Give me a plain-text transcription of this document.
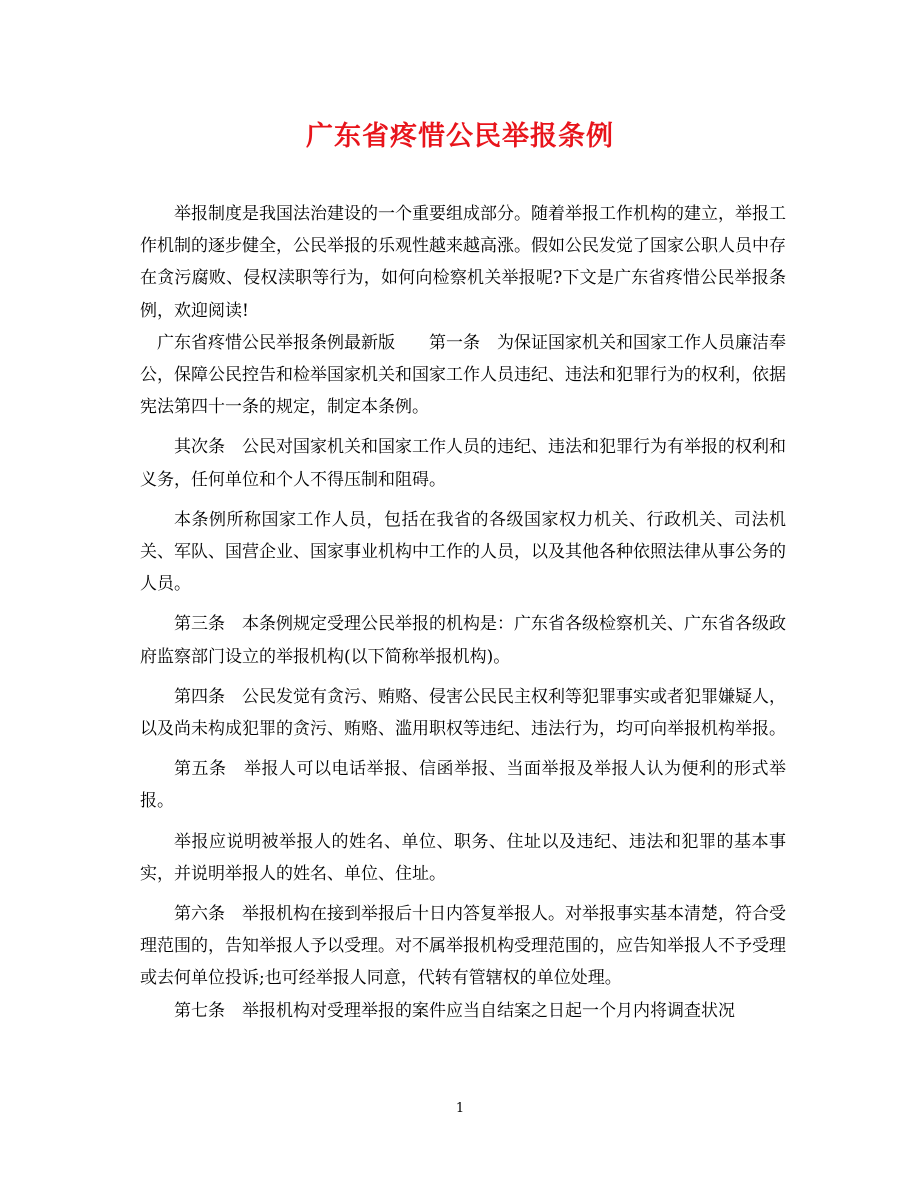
广东省疼惜公民举报条例

举报制度是我国法治建设的一个重要组成部分。随着举报工作机构的建立，举报工作机制的逐步健全，公民举报的乐观性越来越高涨。假如公民发觉了国家公职人员中存在贪污腐败、侵权渎职等行为，如何向检察机关举报呢?下文是广东省疼惜公民举报条例，欢迎阅读!

广东省疼惜公民举报条例最新版　　第一条　为保证国家机关和国家工作人员廉洁奉公，保障公民控告和检举国家机关和国家工作人员违纪、违法和犯罪行为的权利，依据宪法第四十一条的规定，制定本条例。

其次条　公民对国家机关和国家工作人员的违纪、违法和犯罪行为有举报的权利和义务，任何单位和个人不得压制和阻碍。

本条例所称国家工作人员，包括在我省的各级国家权力机关、行政机关、司法机关、军队、国营企业、国家事业机构中工作的人员，以及其他各种依照法律从事公务的人员。

第三条　本条例规定受理公民举报的机构是：广东省各级检察机关、广东省各级政府监察部门设立的举报机构(以下简称举报机构)。

第四条　公民发觉有贪污、贿赂、侵害公民民主权利等犯罪事实或者犯罪嫌疑人，以及尚未构成犯罪的贪污、贿赂、滥用职权等违纪、违法行为，均可向举报机构举报。

第五条　举报人可以电话举报、信函举报、当面举报及举报人认为便利的形式举报。

举报应说明被举报人的姓名、单位、职务、住址以及违纪、违法和犯罪的基本事实，并说明举报人的姓名、单位、住址。

第六条　举报机构在接到举报后十日内答复举报人。对举报事实基本清楚，符合受理范围的，告知举报人予以受理。对不属举报机构受理范围的，应告知举报人不予受理或去何单位投诉;也可经举报人同意，代转有管辖权的单位处理。

第七条　举报机构对受理举报的案件应当自结案之日起一个月内将调查状况

1
